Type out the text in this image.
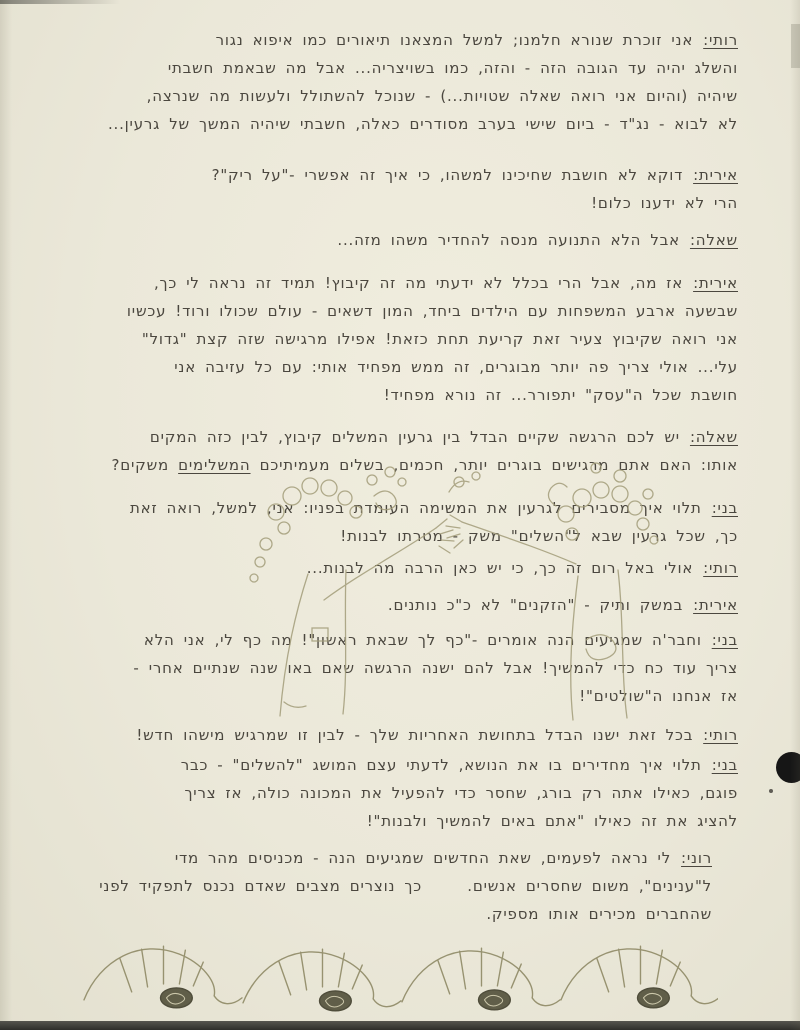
רותי:אני זוכרת שנורא חלמנו; למשל המצאנו תיאורים כמו איפוא נגור
והשלג יהיה עד הגובה הזה - והזה, כמו בשויצריה... אבל מה שבאמת חשבתי
שיהיה (והיום אני רואה שאלה שטויות...) - שנוכל להשתולל ולעשות מה שנרצה,
לא לבוא - נג"ד - ביום שישי בערב מסודרים כאלה, חשבתי שיהיה המשך של גרעין...
אירית:דוקא לא חושבת שחיכינו למשהו, כי איך זה אפשרי -"על ריק"?
הרי לא ידענו כלום!
שאלה:אבל הלא התנועה מנסה להחדיר משהו מזה...
אירית:אז מה, אבל הרי בכלל לא ידעתי מה זה קיבוץ! תמיד זה נראה לי כך,
שבשעה ארבע המשפחות עם הילדים ביחד, המון דשאים - עולם שכולו ורוד! עכשיו
אני רואה שקיבוץ צעיר זאת קריעת תחת כזאת! אפילו מרגישה שזה קצת "גדול"
עלי... אולי צריך פה יותר מבוגרים, זה ממש מפחיד אותי: עם כל עזיבה אני
חושבת שכל ה"עסק" יתפורר... זה נורא מפחיד!
שאלה:יש לכם הרגשה שקיים הבדל בין גרעין המשלים קיבוץ, לבין כזה המקים
אותו: האם אתם מרגישים בוגרים יותר, חכמים, בשלים מעמיתיכם המשלימים משקים?
בני:תלוי איך מסבירים לגרעין את המשימה העומדת בפניו: אני, למשל, רואה זאת
כך, שכל גרעין שבא ל"השלים" משק - מטרתו לבנות!
רותי:אולי באל רום זה כך, כי יש כאן הרבה מה לבנות...
אירית:במשק ותיק - "הזקנים" לא כ"כ נותנים.
בני:וחבר'ה שמגיעים הנה אומרים -"כף לך שבאת ראשון"! מה כף לי, אני הלא
צריך עוד כח כדי להמשיך! אבל להם ישנה הרגשה שאם באו שנה שנתיים אחרי -
אז אנחנו ה"שולטים"!
רותי:בכל זאת ישנו הבדל בתחושת האחריות שלך - לבין זו שמרגיש מישהו חדש!
בני:תלוי איך מחדירים בו את הנושא, לדעתי עצם המושג "להשלים" - כבר
פוגם, כאילו אתה רק בורג, שחסר כדי להפעיל את המכונה כולה, אז צריך
להציג את זה כאילו "אתם באים להמשיך ולבנות"!
רוני:לי נראה לפעמים, שאת החדשים שמגיעים הנה - מכניסים מהר מדי
ל"ענינים", משום שחסרים אנשים.     כך נוצרים מצבים שאדם נכנס לתפקיד לפני
שהחברים מכירים אותו מספיק.
